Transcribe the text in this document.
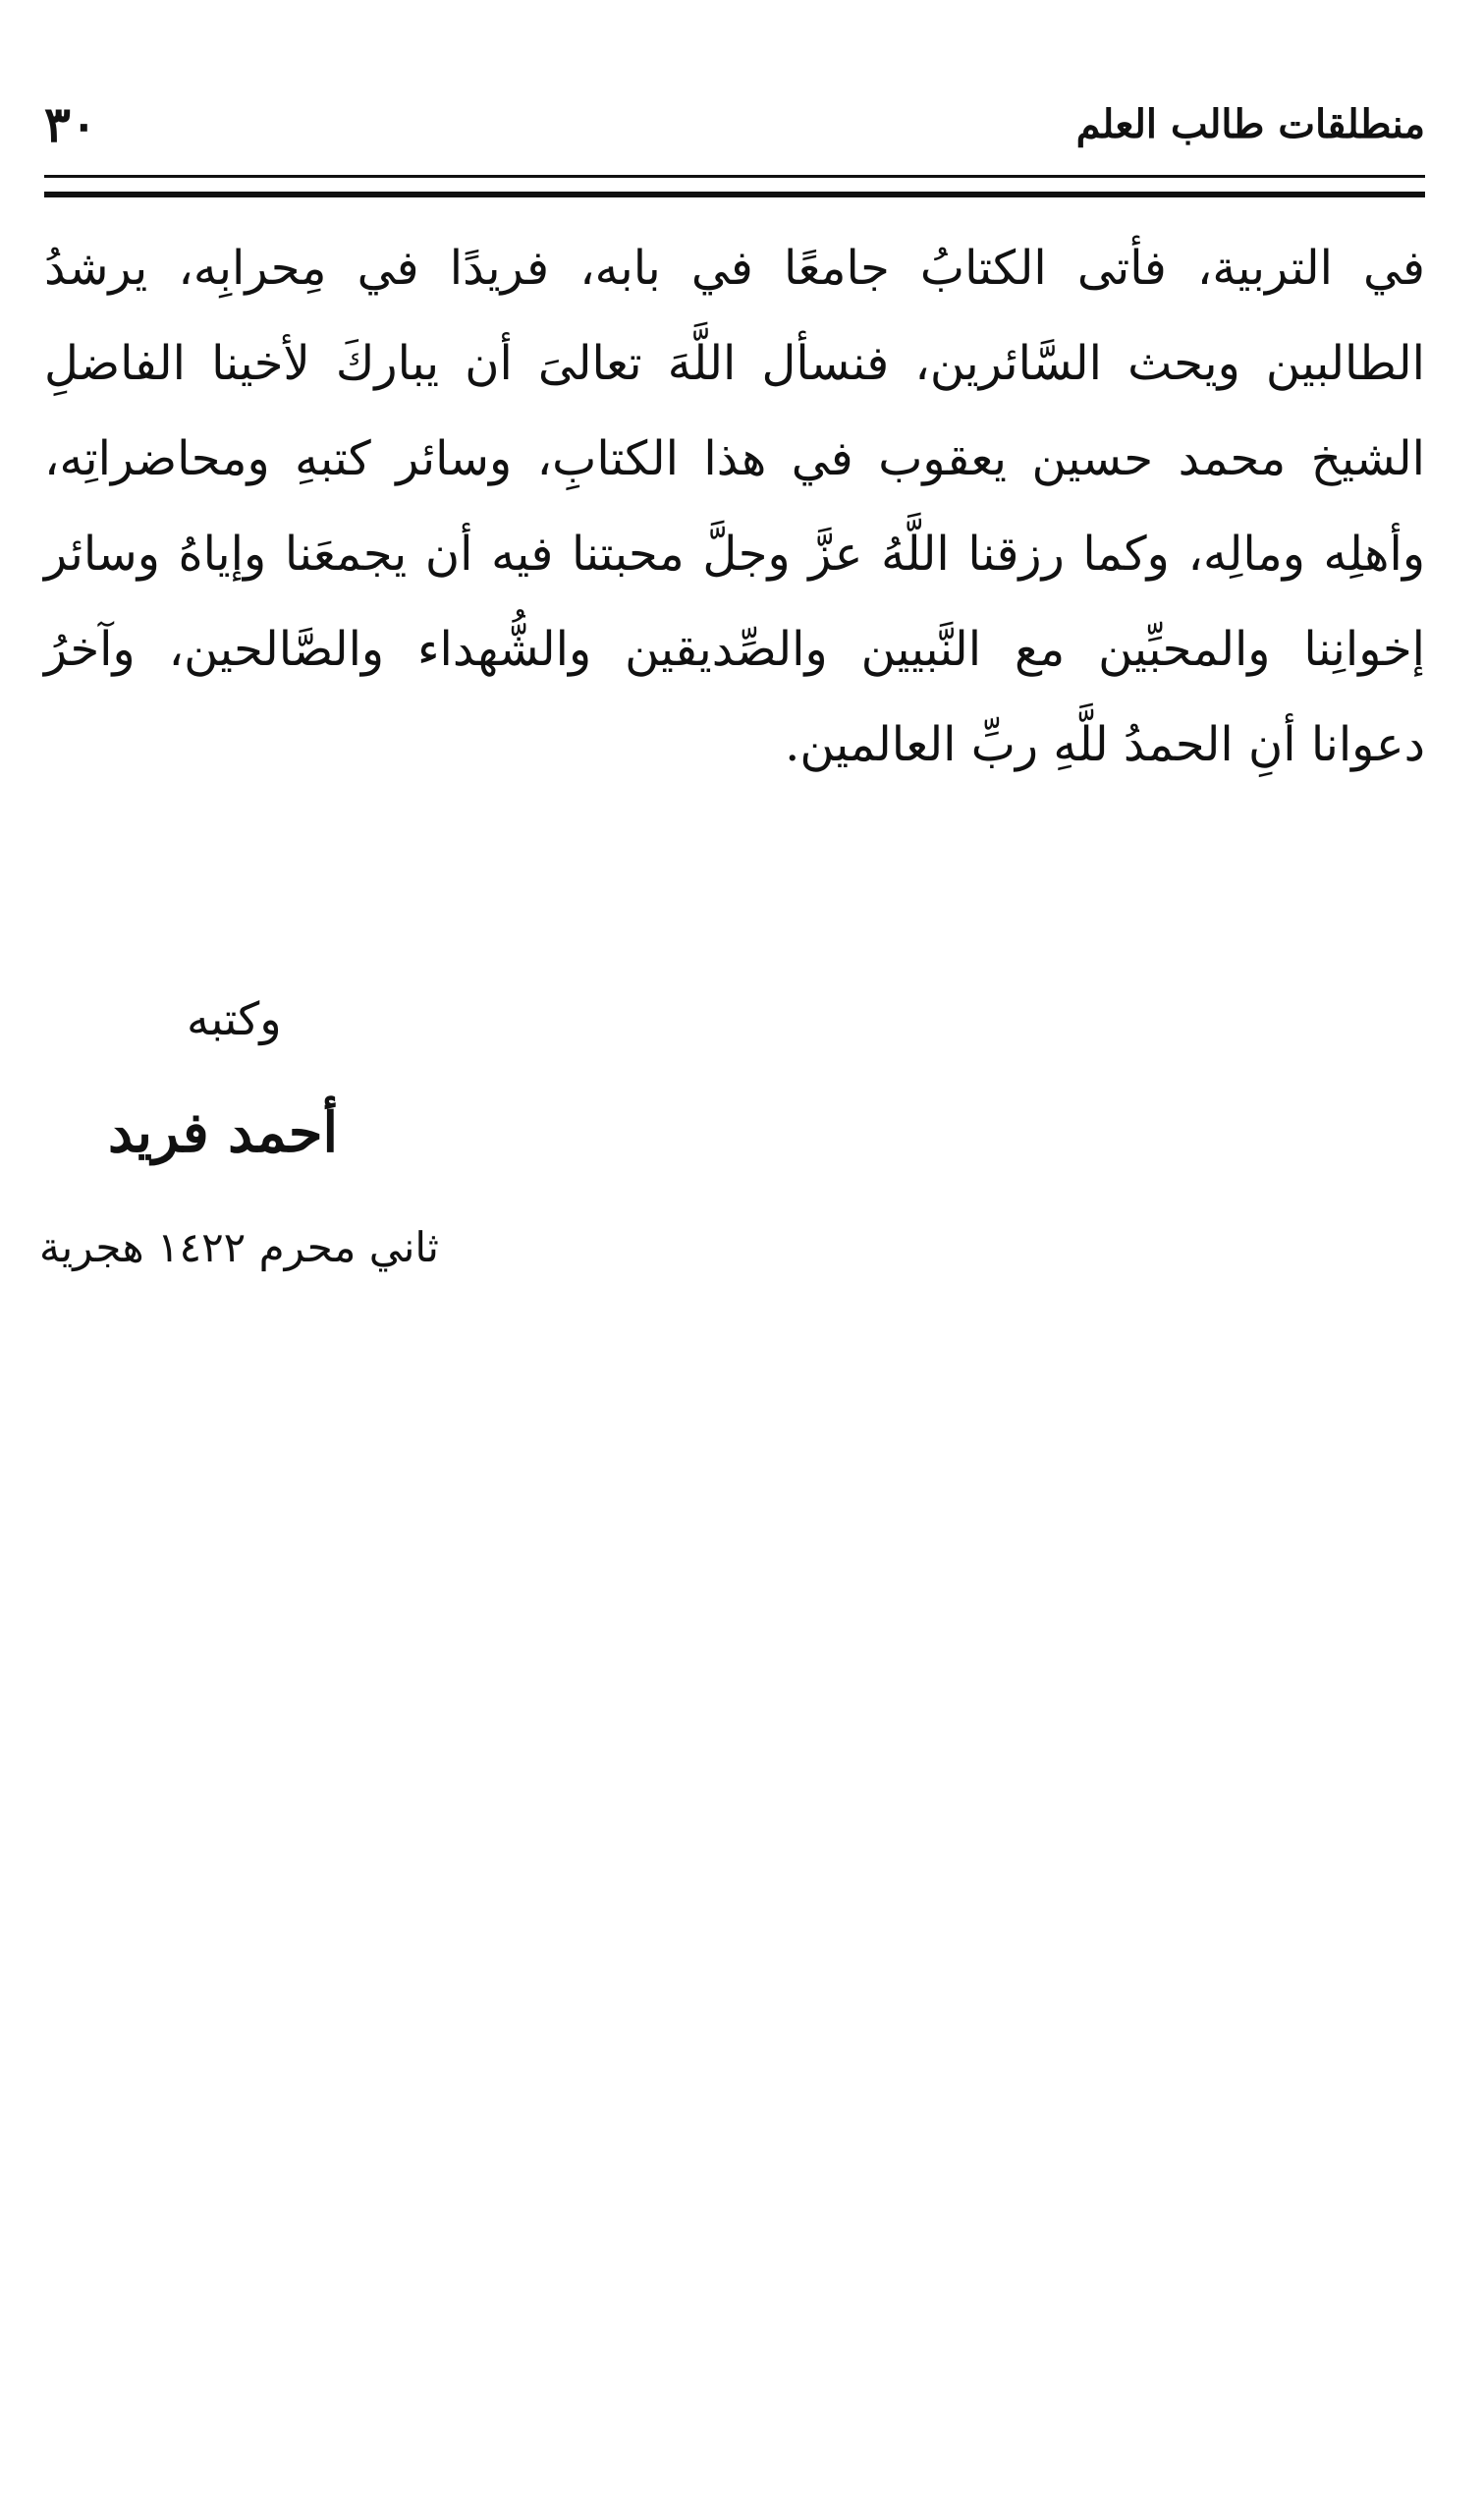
منطلقات طالب العلم
٣٠

في التربية، فأتى الكتابُ جامعًا في بابه، فريدًا في مِحرابِه، يرشدُ الطالبين ويحث السَّائرين، فنسأل اللَّهَ تعالىَ أن يباركَ لأخينا الفاضلِ الشيخ محمد حسين يعقوب في هذا الكتابِ، وسائر كتبهِ ومحاضراتِه، وأهلِه ومالِه، وكما رزقنا اللَّهُ عزَّ وجلَّ محبتنا فيه أن يجمعَنا وإياهُ وسائر إخوانِنا والمحبِّين مع النَّبيين والصِّديقين والشُّهداء والصَّالحين، وآخرُ دعوانا أنِ الحمدُ للَّهِ ربِّ العالمين.

وكتبه
أحمد فريد
ثاني محرم ١٤٢٢ هجرية
